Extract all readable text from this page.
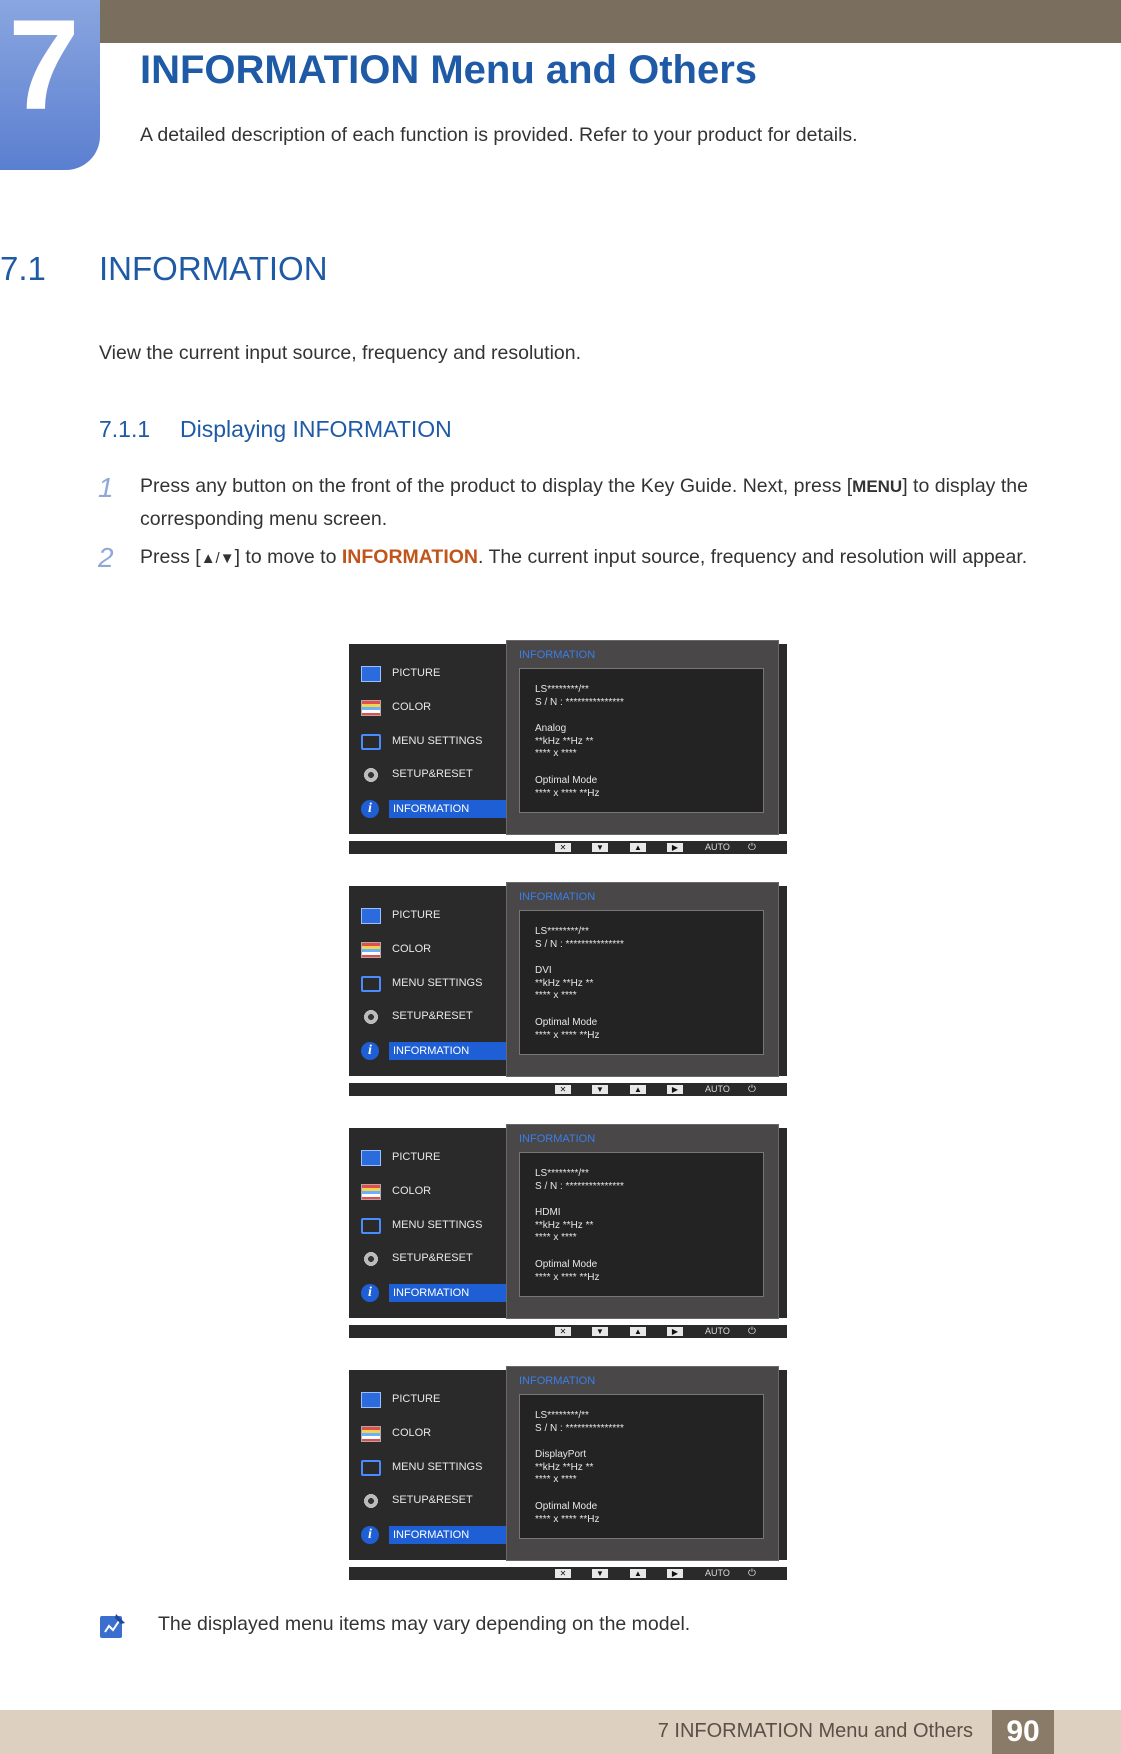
7 INFORMATION Menu and Others
A detailed description of each function is provided. Refer to your product for details.
7.1 INFORMATION
View the current input source, frequency and resolution.
7.1.1 Displaying INFORMATION
1 Press any button on the front of the product to display the Key Guide. Next, press [MENU] to display the corresponding menu screen.
2 Press [▲/▼] to move to INFORMATION. The current input source, frequency and resolution will appear.
PICTURE
COLOR
MENU SETTINGS
SETUP&RESET
i	INFORMATION
INFORMATION
LS********/**
S / N : ***************
Analog
**kHz **Hz **
**** x ****
Optimal Mode
**** x **** **Hz
✕	▼	▲	▶	AUTO ⏻
PICTURE
COLOR
MENU SETTINGS
SETUP&RESET
i	INFORMATION
INFORMATION
LS********/**
S / N : ***************
DVI
**kHz **Hz **
**** x ****
Optimal Mode
**** x **** **Hz
✕	▼	▲	▶	AUTO ⏻
PICTURE
COLOR
MENU SETTINGS
SETUP&RESET
i	INFORMATION
INFORMATION
LS********/**
S / N : ***************
HDMI
**kHz **Hz **
**** x ****
Optimal Mode
**** x **** **Hz
✕	▼	▲	▶	AUTO ⏻
PICTURE
COLOR
MENU SETTINGS
SETUP&RESET
i	INFORMATION
INFORMATION
LS********/**
S / N : ***************
DisplayPort
**kHz **Hz **
**** x ****
Optimal Mode
**** x **** **Hz
✕	▼	▲	▶	AUTO ⏻
The displayed menu items may vary depending on the model.
7 INFORMATION Menu and Others	90
